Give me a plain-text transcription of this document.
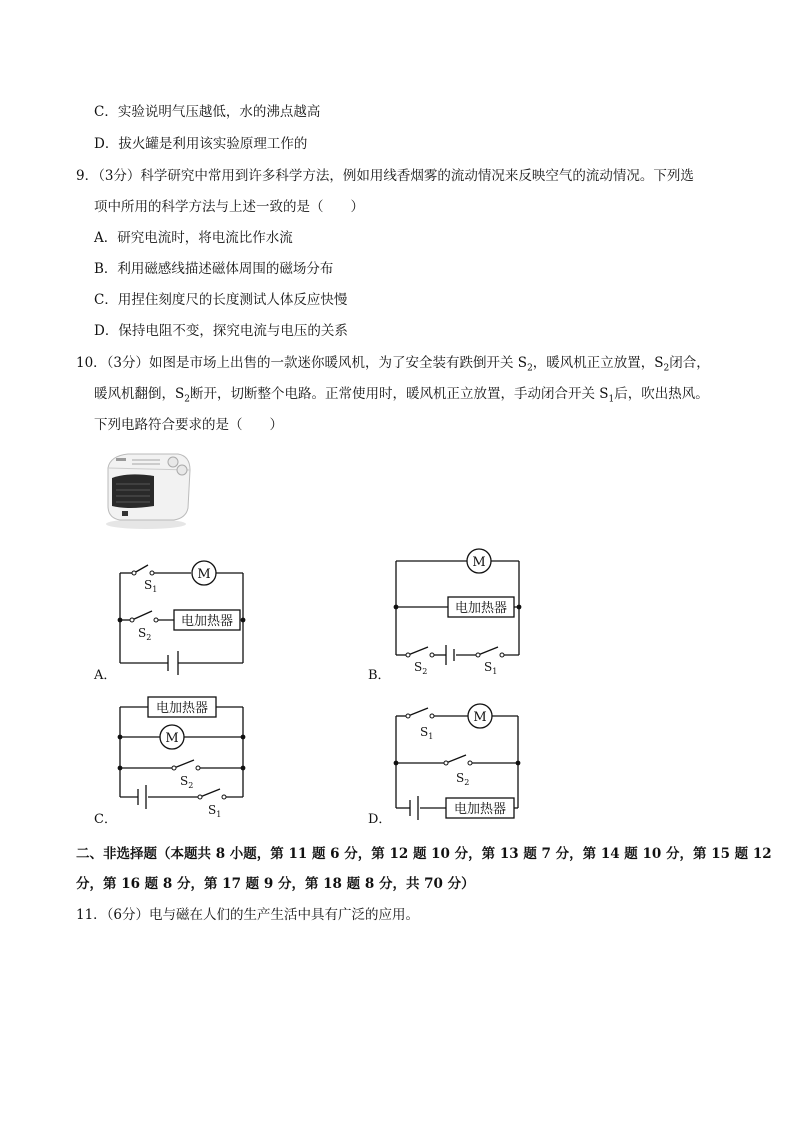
C．实验说明气压越低，水的沸点越高
D．拔火罐是利用该实验原理工作的
9．（3分）科学研究中常用到许多科学方法，例如用线香烟雾的流动情况来反映空气的流动情况。下列选
项中所用的科学方法与上述一致的是（　　）
A．研究电流时，将电流比作水流
B．利用磁感线描述磁体周围的磁场分布
C．用捏住刻度尺的长度测试人体反应快慢
D．保持电阻不变，探究电流与电压的关系
10．（3分）如图是市场上出售的一款迷你暖风机，为了安全装有跌倒开关 $S_2$，暖风机正立放置，$S_2$闭合，
暖风机翻倒，$S_2$断开，切断整个电路。正常使用时，暖风机正立放置，手动闭合开关 $S_1$后，吹出热风。
下列电路符合要求的是（　　）
M
电加热器
$S_1$
$S_2$
A．
M
电加热器
$S_2$	$S_1$
B．
电加热器
M
$S_2$
$S_1$
C．
M
电加热器
$S_1$
$S_2$
D．
二、非选择题（本题共 8 小题，第 11 题 6 分，第 12 题 10 分，第 13 题 7 分，第 14 题 10 分，第 15 题 12
分，第 16 题 8 分，第 17 题 9 分，第 18 题 8 分，共 70 分）
11．（6分）电与磁在人们的生产生活中具有广泛的应用。
